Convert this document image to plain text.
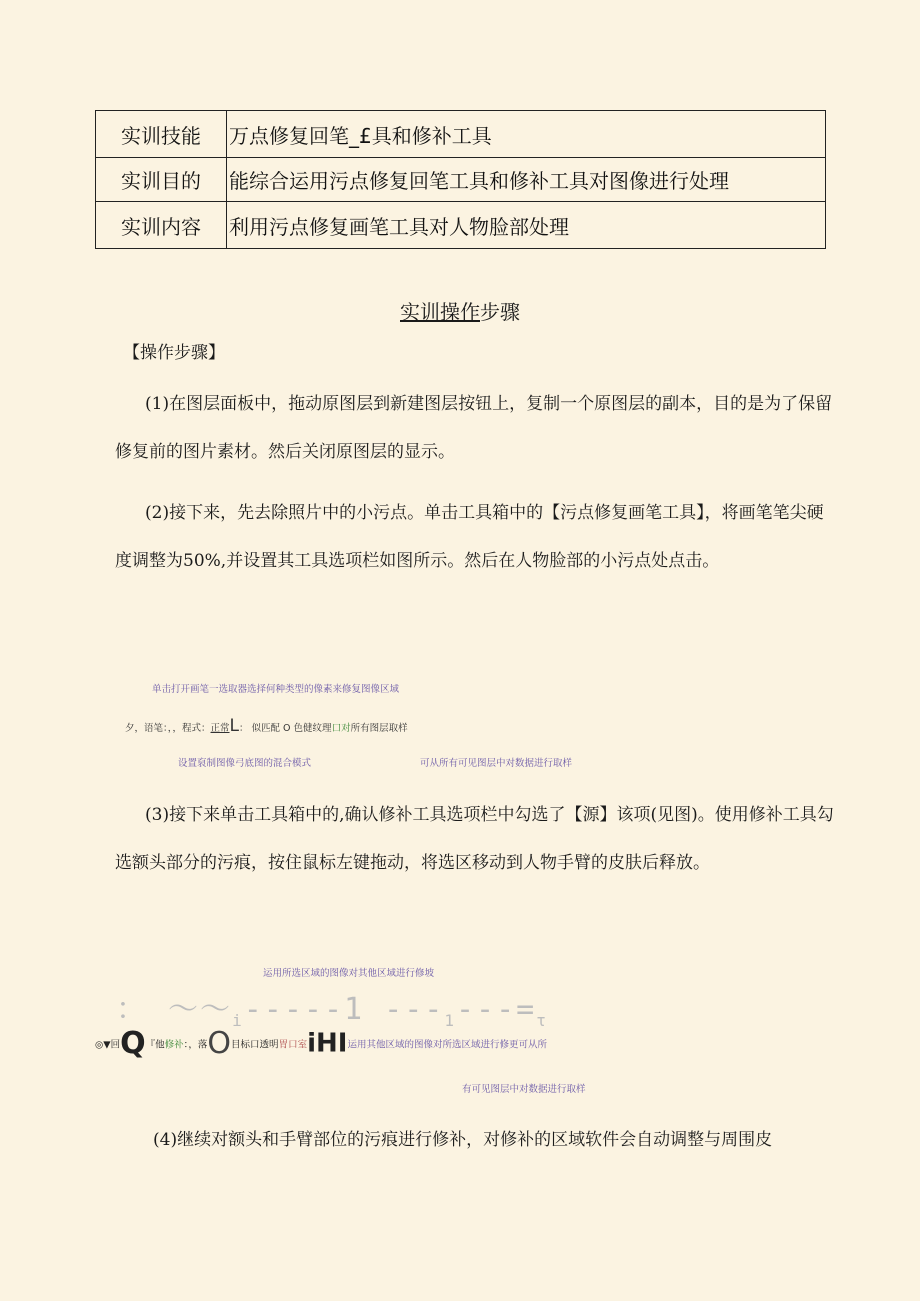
实训技能	万点修复回笔_£具和修补工具
实训目的	能综合运用污点修复回笔工具和修补工具对图像进行处理
实训内容	利用污点修复画笔工具对人物脸部处理
实训操作步骤
【操作步骤】

(1)在图层面板中，拖动原图层到新建图层按钮上，复制一个原图层的副本，目的是为了保留修复前的图片素材。然后关闭原图层的显示。

(2)接下来，先去除照片中的小污点。单击工具箱中的【污点修复画笔工具】，将画笔笔尖硬度调整为50%,并设置其工具选项栏如图所示。然后在人物脸部的小污点处点击。

单击打开画笔一选取器选择何种类型的像素来修复图像区域
夕，语笔：，，程式：正常L： 似匹配 O 色健纹理口对所有图层取样
设置裒制图像弓底图的混合模式	可从所有可见图层中对数据进行取样

(3)接下来单击工具箱中的,确认修补工具选项栏中勾选了【源】该项(见图)。使用修补工具勾选额头部分的污痕，按住鼠标左键拖动，将选区移动到人物手臂的皮肤后释放。

运用所选区域的图像对其他区域进行修坡
： $\sim\sim_i-----1$ $---_1---=_\tau$
◎▼回Q『他修补：，落O目标口透明胃口室iHI运用其他区域的图像对所选区域进行修更可从所
有可见图层中对数据进行取样

(4)继续对额头和手臂部位的污痕进行修补，对修补的区域软件会自动调整与周围皮
